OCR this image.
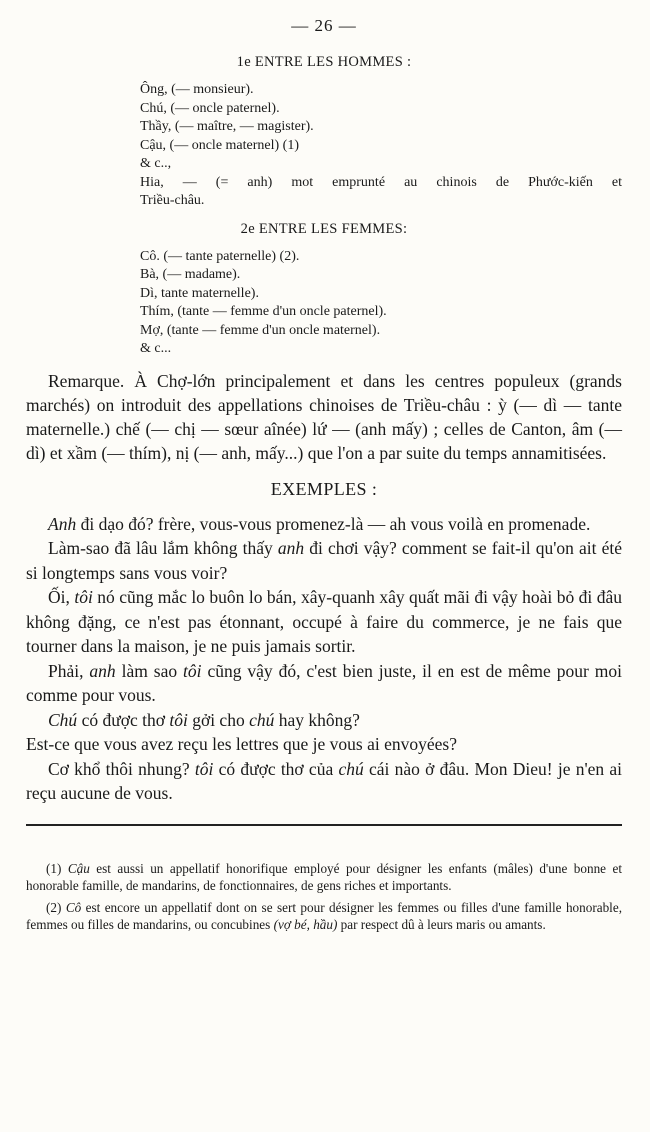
— 26 —
1e ENTRE LES HOMMES :
Ông, (— monsieur).
Chú, (— oncle paternel).
Thầy, (— maître, — magister).
Cậu, (— oncle maternel) (1)
& c..,
Hia, — (= anh) mot emprunté au chinois de Phước-kiến et
Triều-châu.
2e ENTRE LES FEMMES:
Cô. (— tante paternelle) (2).
Bà, (— madame).
Dì, tante maternelle).
Thím, (tante — femme d'un oncle paternel).
Mợ, (tante — femme d'un oncle maternel).
& c...

Remarque. À Chợ-lớn principalement et dans les centres populeux (grands marchés) on introduit des appellations chinoises de Triều-châu : ỳ (— dì — tante maternelle.) chế (— chị — sœur aînée) lứ — (anh mấy) ; celles de Canton, âm (— dì) et xầm (— thím), nị (— anh, mấy...) que l'on a par suite du temps annamitisées.

EXEMPLES :

Anh đi dạo đó? frère, vous-vous promenez-là — ah vous voilà en promenade.

Làm-sao đã lâu lắm không thấy anh đi chơi vậy? comment se fait-il qu'on ait été si longtemps sans vous voir?

Ối, tôi nó cũng mắc lo buôn lo bán, xây-quanh xây quất mãi đi vậy hoài bỏ đi đâu không đặng, ce n'est pas étonnant, occupé à faire du commerce, je ne fais que tourner dans la maison, je ne puis jamais sortir.

Phải, anh làm sao tôi cũng vậy đó, c'est bien juste, il en est de même pour moi comme pour vous.

Chú có được thơ tôi gởi cho chú hay không?

Est-ce que vous avez reçu les lettres que je vous ai envoyées?

Cơ khổ thôi nhung? tôi có được thơ của chú cái nào ở đâu. Mon Dieu! je n'en ai reçu aucune de vous.

(1) Cậu est aussi un appellatif honorifique employé pour désigner les enfants (mâles) d'une bonne et honorable famille, de mandarins, de fonctionnaires, de gens riches et importants.

(2) Cô est encore un appellatif dont on se sert pour désigner les femmes ou filles d'une famille honorable, femmes ou filles de mandarins, ou concubines (vợ bé, hầu) par respect dû à leurs maris ou amants.
